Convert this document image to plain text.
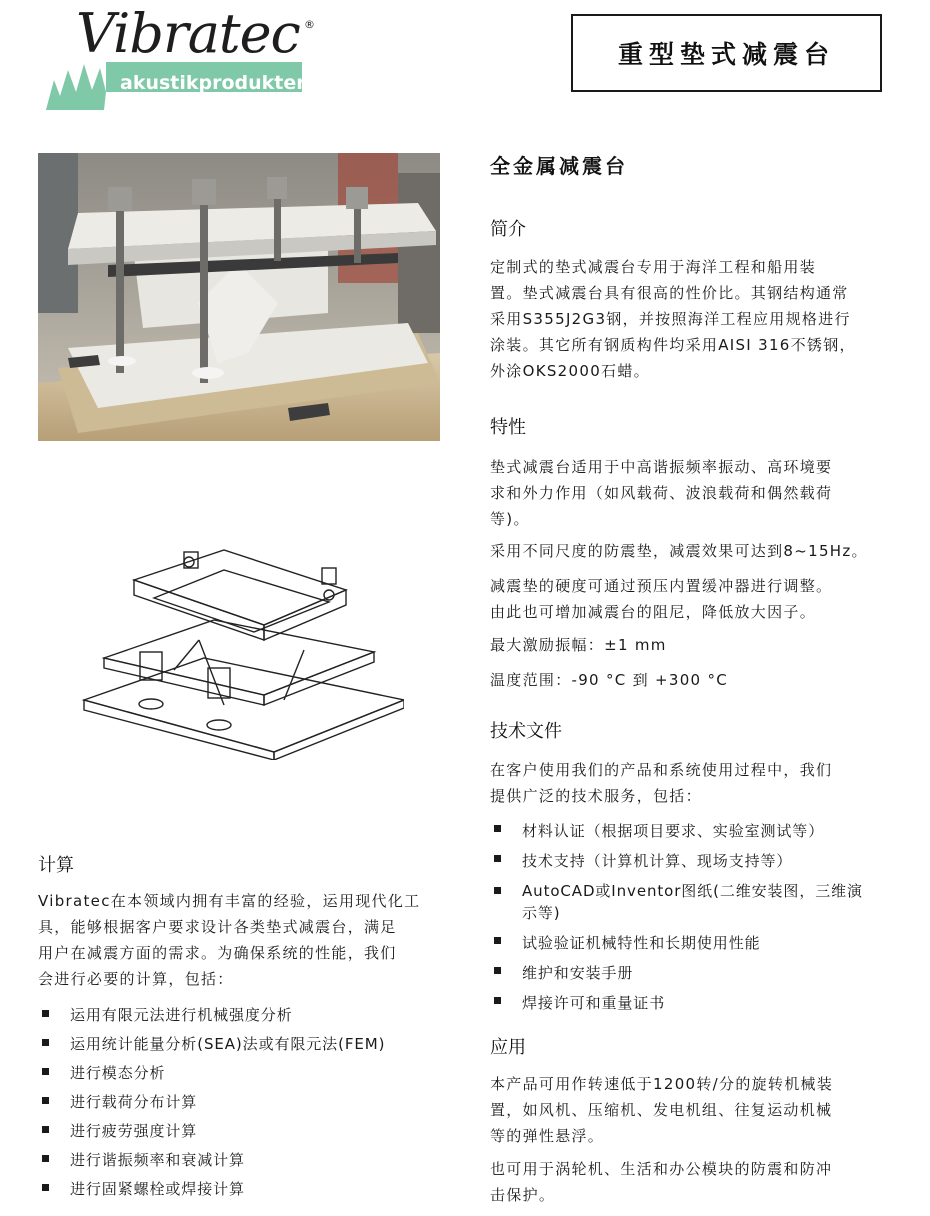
Vibratec ®
akustikprodukter
重型垫式减震台
全金属减震台
简介
定制式的垫式减震台专用于海洋工程和船用装
置。垫式减震台具有很高的性价比。其钢结构通常
采用S355J2G3钢，并按照海洋工程应用规格进行
涂装。其它所有钢质构件均采用AISI 316不锈钢，
外涂OKS2000石蜡。
特性
垫式减震台适用于中高谐振频率振动、高环境要
求和外力作用（如风载荷、波浪载荷和偶然载荷
等)。
采用不同尺度的防震垫，减震效果可达到8~15Hz。
减震垫的硬度可通过预压内置缓冲器进行调整。
由此也可增加减震台的阻尼，降低放大因子。
最大激励振幅：±1 mm
温度范围：-90 °C 到 +300 °C
技术文件
在客户使用我们的产品和系统使用过程中，我们
提供广泛的技术服务，包括：
材料认证（根据项目要求、实验室测试等）
技术支持（计算机计算、现场支持等）
AutoCAD或Inventor图纸(二维安装图，三维演
示等)
试验验证机械特性和长期使用性能
维护和安装手册
焊接许可和重量证书
应用
本产品可用作转速低于1200转/分的旋转机械装
置，如风机、压缩机、发电机组、往复运动机械
等的弹性悬浮。
也可用于涡轮机、生活和办公模块的防震和防冲
击保护。
计算
Vibratec在本领域内拥有丰富的经验，运用现代化工
具，能够根据客户要求设计各类垫式减震台，满足
用户在减震方面的需求。为确保系统的性能，我们
会进行必要的计算，包括：
运用有限元法进行机械强度分析
运用统计能量分析(SEA)法或有限元法(FEM)
进行模态分析
进行载荷分布计算
进行疲劳强度计算
进行谐振频率和衰减计算
进行固紧螺栓或焊接计算
